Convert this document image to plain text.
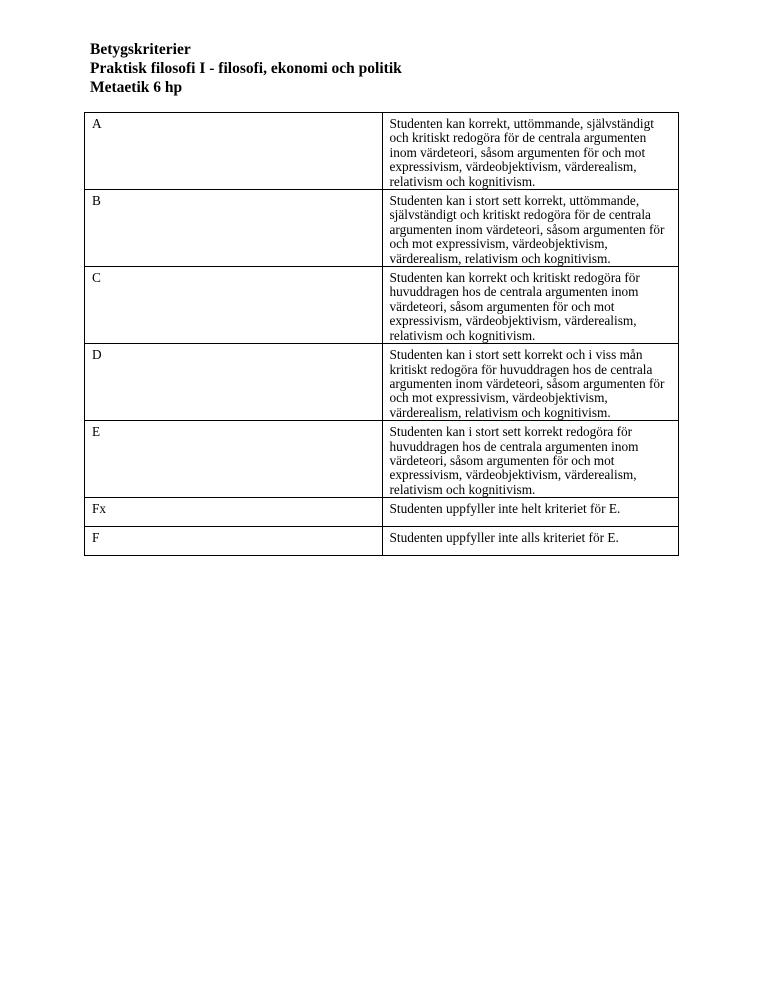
Betygskriterier
Praktisk filosofi I - filosofi, ekonomi och politik
Metaetik 6 hp
A	Studenten kan korrekt, uttömmande, självständigt och kritiskt redogöra för de centrala argumenten inom värdeteori, såsom argumenten för och mot expressivism, värdeobjektivism, värderealism, relativism och kognitivism.
B	Studenten kan i stort sett korrekt, uttömmande, självständigt och kritiskt redogöra för de centrala argumenten inom värdeteori, såsom argumenten för och mot expressivism, värdeobjektivism, värderealism, relativism och kognitivism.
C	Studenten kan korrekt och kritiskt redogöra för huvuddragen hos de centrala argumenten inom värdeteori, såsom argumenten för och mot expressivism, värdeobjektivism, värderealism, relativism och kognitivism.
D	Studenten kan i stort sett korrekt och i viss mån kritiskt redogöra för huvuddragen hos de centrala argumenten inom värdeteori, såsom argumenten för och mot expressivism, värdeobjektivism, värderealism, relativism och kognitivism.
E	Studenten kan i stort sett korrekt redogöra för huvuddragen hos de centrala argumenten inom värdeteori, såsom argumenten för och mot expressivism, värdeobjektivism, värderealism, relativism och kognitivism.
Fx	Studenten uppfyller inte helt kriteriet för E.
F	Studenten uppfyller inte alls kriteriet för E.
